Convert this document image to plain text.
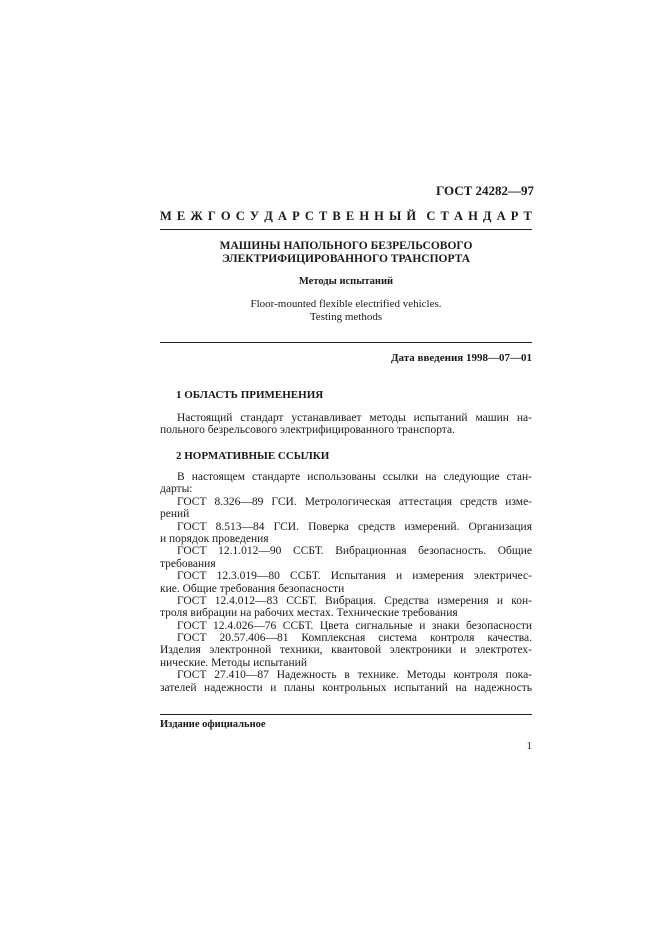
ГОСТ 24282—97
М Е Ж Г О С У Д А Р С Т В Е Н Н Ы Й С Т А Н Д А Р Т
МАШИНЫ НАПОЛЬНОГО БЕЗРЕЛЬСОВОГО
ЭЛЕКТРИФИЦИРОВАННОГО ТРАНСПОРТА
Методы испытаний
Floor-mounted flexible electrified vehicles.
Testing methods
Дата введения 1998—07—01
1 ОБЛАСТЬ ПРИМЕНЕНИЯ
Настоящий стандарт устанавливает методы испытаний машин на-
польного безрельсового электрифицированного транспорта.
2 НОРМАТИВНЫЕ ССЫЛКИ
В настоящем стандарте использованы ссылки на следующие стан-
дарты:
ГОСТ 8.326—89 ГСИ. Метрологическая аттестация средств изме-
рений
ГОСТ 8.513—84 ГСИ. Поверка средств измерений. Организация
и порядок проведения
ГОСТ 12.1.012—90 ССБТ. Вибрационная безопасность. Общие
требования
ГОСТ 12.3.019—80 ССБТ. Испытания и измерения электричес-
кие. Общие требования безопасности
ГОСТ 12.4.012—83 ССБТ. Вибрация. Средства измерения и кон-
троля вибрации на рабочих местах. Технические требования
ГОСТ 12.4.026—76 ССБТ. Цвета сигнальные и знаки безопасности
ГОСТ 20.57.406—81 Комплексная система контроля качества.
Изделия электронной техники, квантовой электроники и электротех-
нические. Методы испытаний
ГОСТ 27.410—87 Надежность в технике. Методы контроля пока-
зателей надежности и планы контрольных испытаний на надежность
Издание официальное
1
